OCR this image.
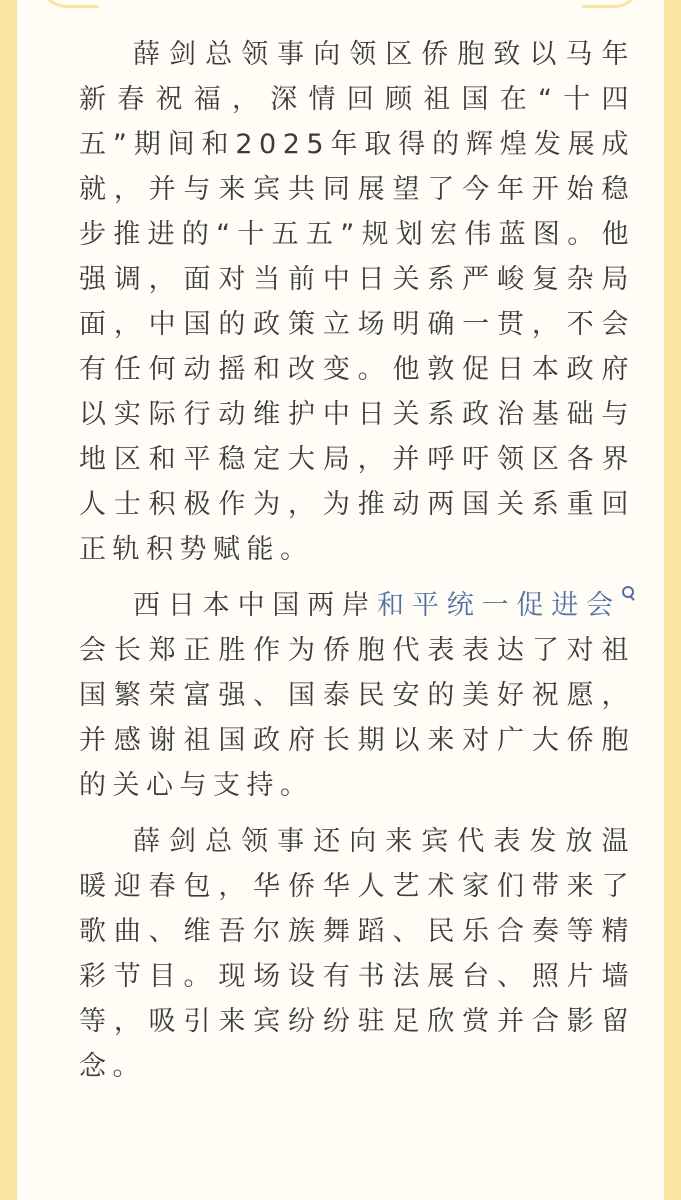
薛剑总领事向领区侨胞致以马年新春祝福，深情回顾祖国在“十四五”期间和2025年取得的辉煌发展成就，并与来宾共同展望了今年开始稳步推进的“十五五”规划宏伟蓝图。他强调，面对当前中日关系严峻复杂局面，中国的政策立场明确一贯，不会有任何动摇和改变。他敦促日本政府以实际行动维护中日关系政治基础与地区和平稳定大局，并呼吁领区各界人士积极作为，为推动两国关系重回正轨积势赋能。

西日本中国两岸和平统一促进会
会长郑正胜作为侨胞代表表达了对祖国繁荣富强、国泰民安的美好祝愿，并感谢祖国政府长期以来对广大侨胞的关心与支持。

薛剑总领事还向来宾代表发放温暖迎春包，华侨华人艺术家们带来了歌曲、维吾尔族舞蹈、民乐合奏等精彩节目。现场设有书法展台、照片墙等，吸引来宾纷纷驻足欣赏并合影留念。
